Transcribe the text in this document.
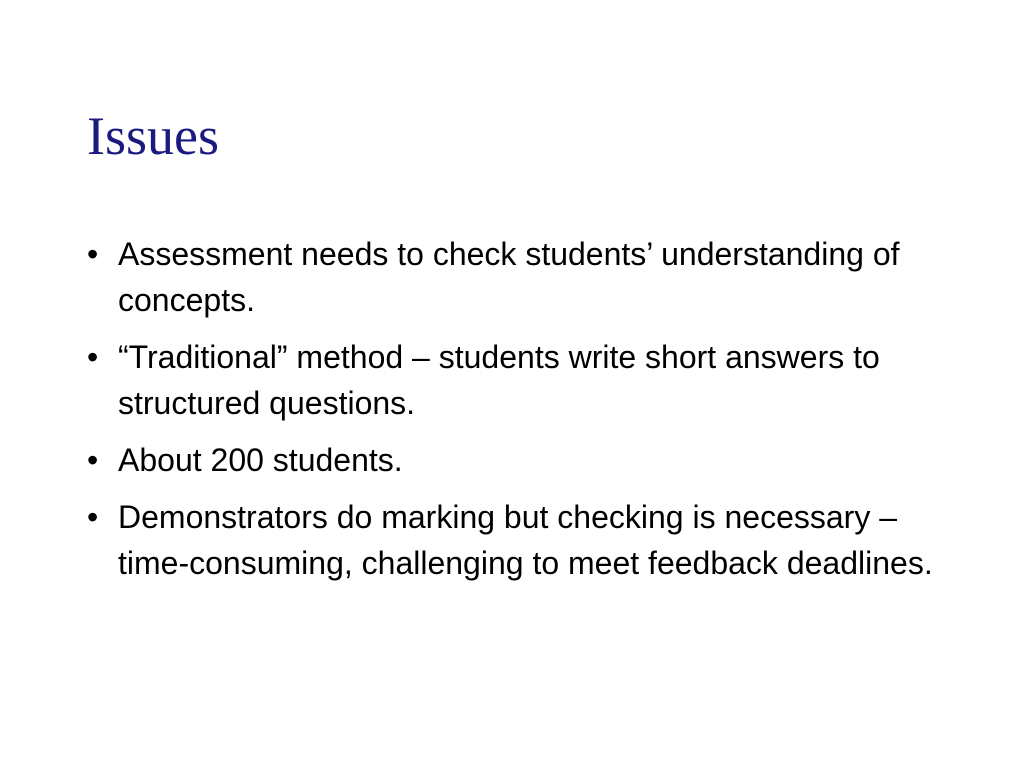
Issues
• Assessment needs to check students’ understanding of concepts.
• “Traditional” method – students write short answers to structured questions.
• About 200 students.
• Demonstrators do marking but checking is necessary – time-consuming, challenging to meet feedback deadlines.
